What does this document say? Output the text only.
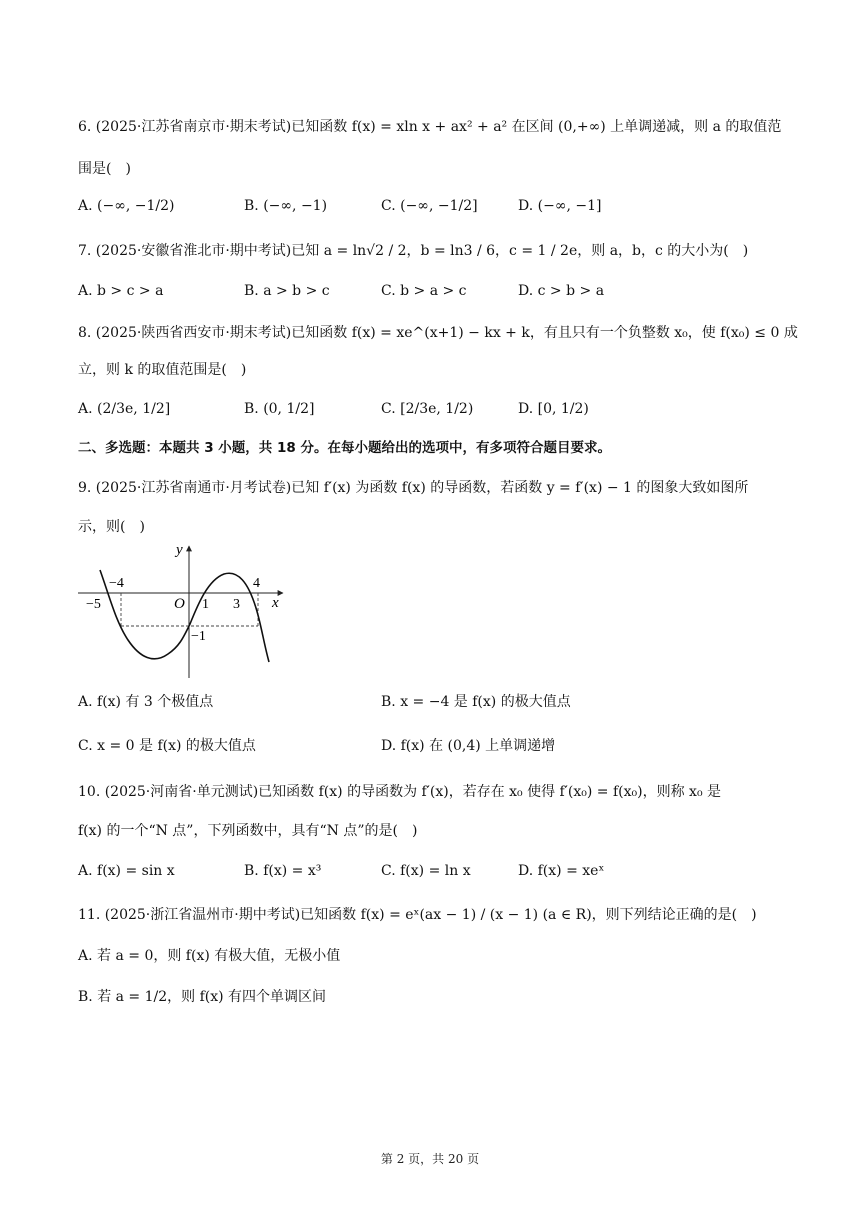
6. (2025·江苏省南京市·期末考试)已知函数 f(x) = xln x + ax² + a² 在区间 (0,+∞) 上单调递减，则 a 的取值范
围是(　)
A. (−∞, −1/2)	B. (−∞, −1)	C. (−∞, −1/2]	D. (−∞, −1]
7. (2025·安徽省淮北市·期中考试)已知 a = ln√2 / 2，b = ln3 / 6，c = 1 / 2e，则 a，b，c 的大小为(　)
A. b > c > a	B. a > b > c	C. b > a > c	D. c > b > a
8. (2025·陕西省西安市·期末考试)已知函数 f(x) = xe^(x+1) − kx + k，有且只有一个负整数 x₀，使 f(x₀) ≤ 0 成
立，则 k 的取值范围是(　)
A. (2/3e, 1/2]	B. (0, 1/2]	C. [2/3e, 1/2)	D. [0, 1/2)
二、多选题：本题共 3 小题，共 18 分。在每小题给出的选项中，有多项符合题目要求。
9. (2025·江苏省南通市·月考试卷)已知 f′(x) 为函数 f(x) 的导函数，若函数 y = f′(x) − 1 的图象大致如图所
示，则(　)
y
x
O
−5
−4
1 3
4
−1
A. f(x) 有 3 个极值点	B. x = −4 是 f(x) 的极大值点
C. x = 0 是 f(x) 的极大值点	D. f(x) 在 (0,4) 上单调递增
10. (2025·河南省·单元测试)已知函数 f(x) 的导函数为 f′(x)，若存在 x₀ 使得 f′(x₀) = f(x₀)，则称 x₀ 是
f(x) 的一个“N 点”，下列函数中，具有“N 点”的是(　)
A. f(x) = sin x	B. f(x) = x³	C. f(x) = ln x	D. f(x) = xeˣ
11. (2025·浙江省温州市·期中考试)已知函数 f(x) = eˣ(ax − 1) / (x − 1) (a ∈ R)，则下列结论正确的是(　)
A. 若 a = 0，则 f(x) 有极大值，无极小值
B. 若 a = 1/2，则 f(x) 有四个单调区间
第 2 页，共 20 页
